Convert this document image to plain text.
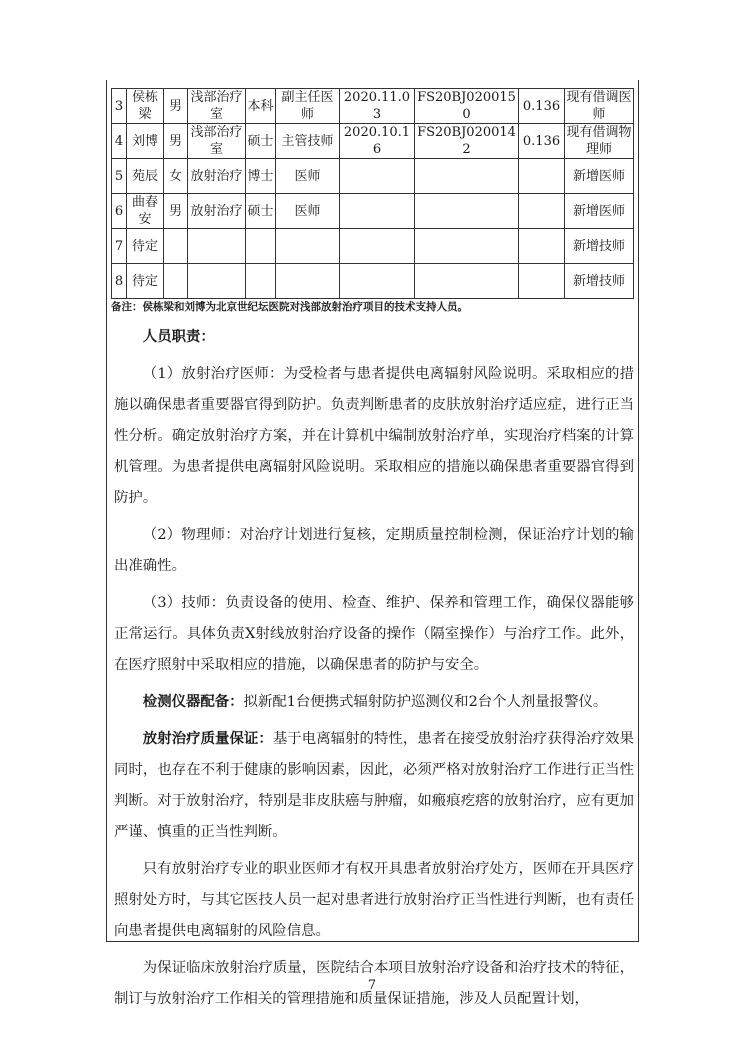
3	侯栋梁	男	浅部治疗室	本科	副主任医师	2020.11.03	FS20BJ0200150	0.136	现有借调医师
4	刘博	男	浅部治疗室	硕士	主管技师	2020.10.16	FS20BJ0200142	0.136	现有借调物理师
5	苑辰	女	放射治疗	博士	医师				新增医师
6	曲春安	男	放射治疗	硕士	医师				新增医师
7	待定								新增技师
8	待定								新增技师
备注：侯栋梁和刘博为北京世纪坛医院对浅部放射治疗项目的技术支持人员。

人员职责：

（1）放射治疗医师：为受检者与患者提供电离辐射风险说明。采取相应的措施以确保患者重要器官得到防护。负责判断患者的皮肤放射治疗适应症，进行正当性分析。确定放射治疗方案，并在计算机中编制放射治疗单，实现治疗档案的计算机管理。为患者提供电离辐射风险说明。采取相应的措施以确保患者重要器官得到防护。

（2）物理师：对治疗计划进行复核，定期质量控制检测，保证治疗计划的输出准确性。

（3）技师：负责设备的使用、检查、维护、保养和管理工作，确保仪器能够正常运行。具体负责X射线放射治疗设备的操作（隔室操作）与治疗工作。此外，在医疗照射中采取相应的措施，以确保患者的防护与安全。

检测仪器配备：拟新配1台便携式辐射防护巡测仪和2台个人剂量报警仪。

放射治疗质量保证：基于电离辐射的特性，患者在接受放射治疗获得治疗效果同时，也存在不利于健康的影响因素，因此，必须严格对放射治疗工作进行正当性判断。对于放射治疗，特别是非皮肤癌与肿瘤，如瘢痕疙瘩的放射治疗，应有更加严谨、慎重的正当性判断。

只有放射治疗专业的职业医师才有权开具患者放射治疗处方，医师在开具医疗照射处方时，与其它医技人员一起对患者进行放射治疗正当性进行判断，也有责任向患者提供电离辐射的风险信息。

为保证临床放射治疗质量，医院结合本项目放射治疗设备和治疗技术的特征，制订与放射治疗工作相关的管理措施和质量保证措施，涉及人员配置计划，

7
